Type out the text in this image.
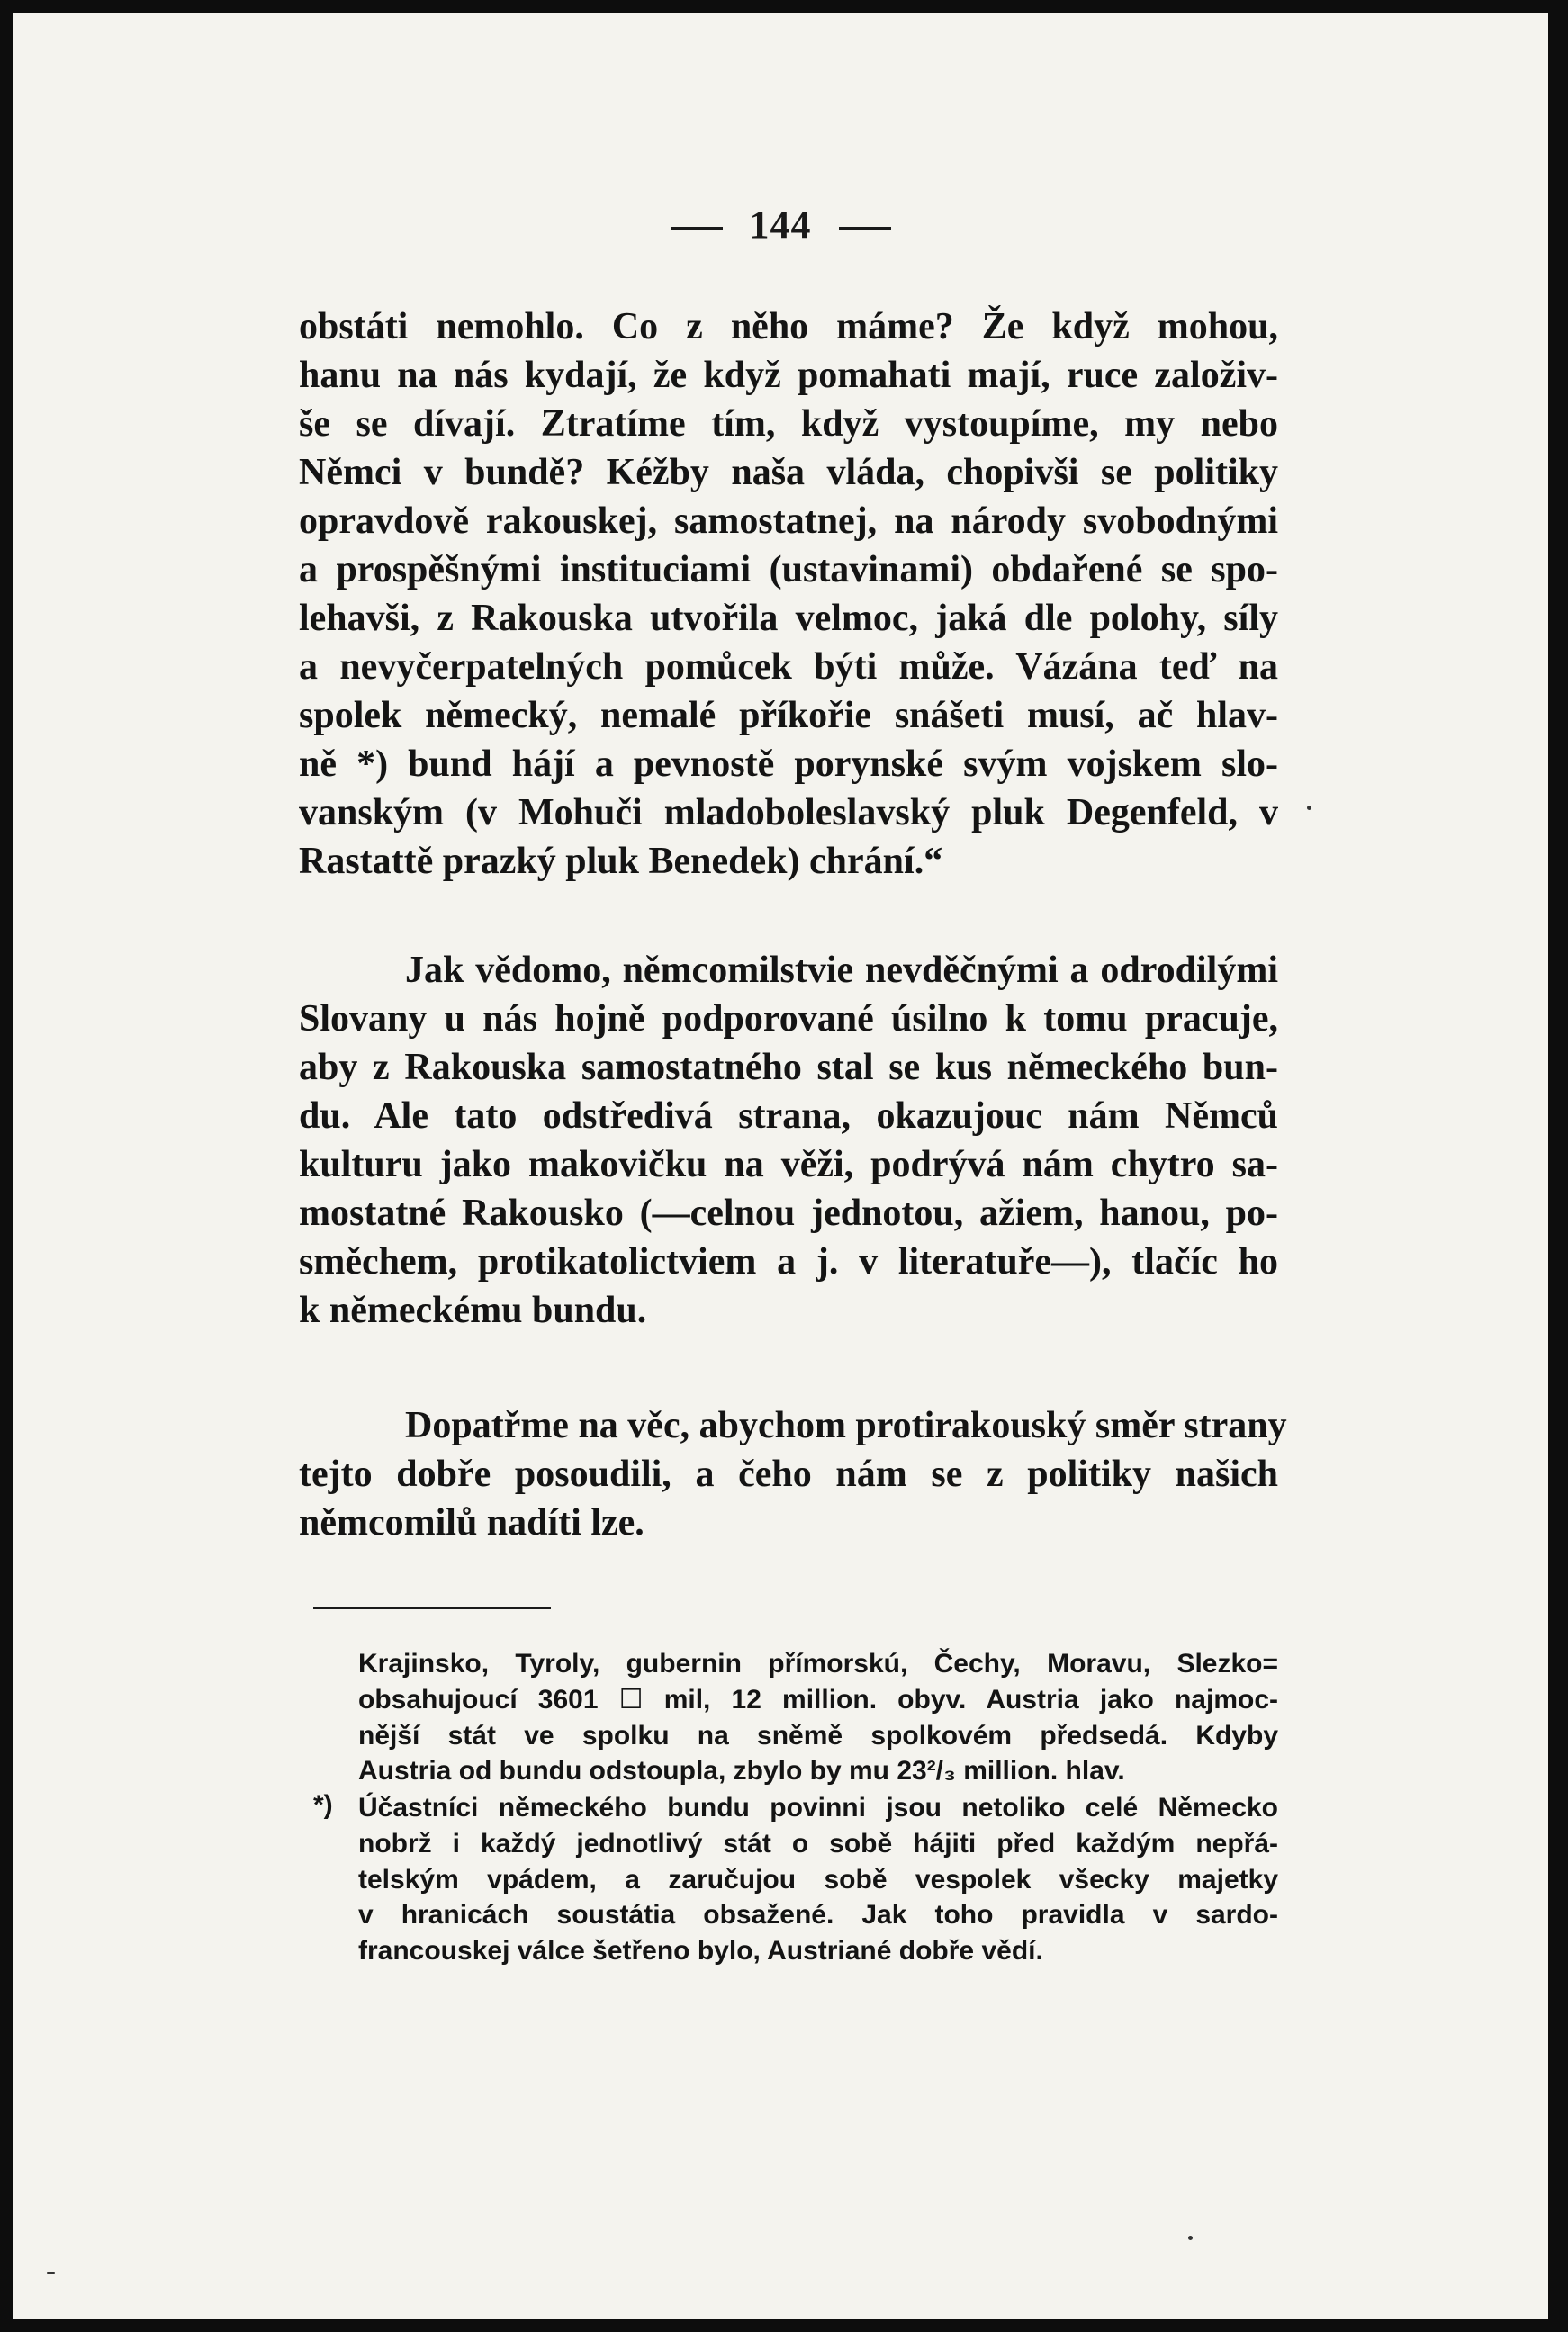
144
obstáti nemohlo. Co z něho máme? Že když mohou,
hanu na nás kydají, že když pomahati mají, ruce založiv-
še se dívají. Ztratíme tím, když vystoupíme, my nebo
Němci v bundě? Kéžby naša vláda, chopivši se politiky
opravdově rakouskej, samostatnej, na národy svobodnými
a prospěšnými instituciami (ustavinami) obdařené se spo-
lehavši, z Rakouska utvořila velmoc, jaká dle polohy, síly
a nevyčerpatelných pomůcek býti může. Vázána teď na
spolek německý, nemalé příkořie snášeti musí, ač hlav-
ně *) bund hájí a pevnostě porynské svým vojskem slo-
vanským (v Mohuči mladoboleslavský pluk Degenfeld, v
Rastattě prazký pluk Benedek) chrání.“
Jak vědomo, němcomilstvie nevděčnými a odrodilými
Slovany u nás hojně podporované úsilno k tomu pracuje,
aby z Rakouska samostatného stal se kus německého bun-
du. Ale tato odstředivá strana, okazujouc nám Němců
kulturu jako makovičku na věži, podrývá nám chytro sa-
mostatné Rakousko (—celnou jednotou, ažiem, hanou, po-
směchem, protikatolictviem a j. v literatuře—), tlačíc ho
k německému bundu.
Dopatřme na věc, abychom protirakouský směr strany
tejto dobře posoudili, a čeho nám se z politiky našich
němcomilů nadíti lze.
Krajinsko, Tyroly, gubernin přímorskú, Čechy, Moravu, Slezko=
obsahujoucí 3601 ☐ mil, 12 million. obyv. Austria jako najmoc-
nější stát ve spolku na sněmě spolkovém předsedá. Kdyby
Austria od bundu odstoupla, zbylo by mu 23²/₃ million. hlav.
*) Účastníci německého bundu povinni jsou netoliko celé Německo
nobrž i každý jednotlivý stát o sobě hájiti před každým nepřá-
telským vpádem, a zaručujou sobě vespolek všecky majetky
v hranicách soustátia obsažené. Jak toho pravidla v sardo-
francouskej válce šetřeno bylo, Austriané dobře vědí.
